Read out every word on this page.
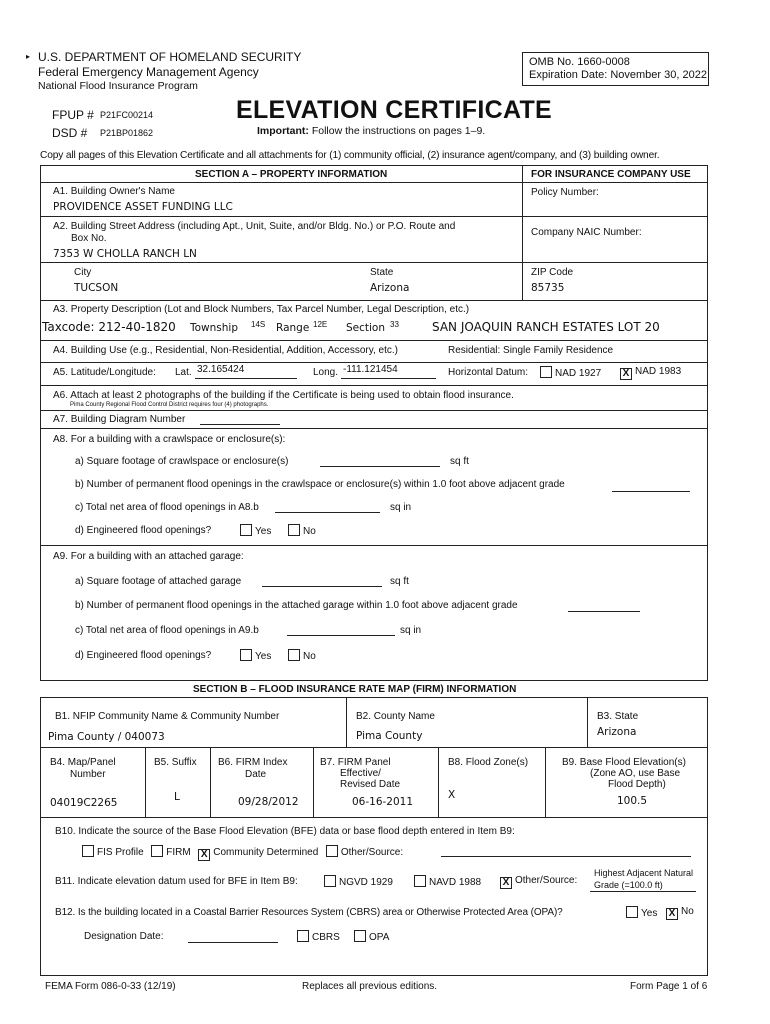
▸ U.S. DEPARTMENT OF HOMELAND SECURITY
Federal Emergency Management Agency
National Flood Insurance Program
OMB No. 1660-0008
Expiration Date: November 30, 2022
FPUP # P21FC00214
DSD # P21BP01862
ELEVATION CERTIFICATE
Important: Follow the instructions on pages 1–9.
Copy all pages of this Elevation Certificate and all attachments for (1) community official, (2) insurance agent/company, and (3) building owner.
SECTION A – PROPERTY INFORMATION	FOR INSURANCE COMPANY USE
A1. Building Owner's Name
PROVIDENCE ASSET FUNDING LLC
Policy Number:
A2. Building Street Address (including Apt., Unit, Suite, and/or Bldg. No.) or P.O. Route and
Box No.
7353 W CHOLLA RANCH LN
Company NAIC Number:
City
TUCSON
State
Arizona
ZIP Code
85735
A3. Property Description (Lot and Block Numbers, Tax Parcel Number, Legal Description, etc.)
Taxcode: 212-40-1820 Township 14S Range 12E Section 33	SAN JOAQUIN RANCH ESTATES LOT 20
A4. Building Use (e.g., Residential, Non-Residential, Addition, Accessory, etc.)	Residential: Single Family Residence
A5. Latitude/Longitude: Lat. 32.165424	Long. -111.121454	Horizontal Datum:	NAD 1927	X NAD 1983
A6. Attach at least 2 photographs of the building if the Certificate is being used to obtain flood insurance.
Pima County Regional Flood Control District requires four (4) photographs.
A7. Building Diagram Number
A8. For a building with a crawlspace or enclosure(s):
a) Square footage of crawlspace or enclosure(s)	sq ft
b) Number of permanent flood openings in the crawlspace or enclosure(s) within 1.0 foot above adjacent grade
c) Total net area of flood openings in A8.b	sq in
d) Engineered flood openings?	Yes	No
A9. For a building with an attached garage:
a) Square footage of attached garage	sq ft
b) Number of permanent flood openings in the attached garage within 1.0 foot above adjacent grade
c) Total net area of flood openings in A9.b	sq in
d) Engineered flood openings?	Yes	No
SECTION B – FLOOD INSURANCE RATE MAP (FIRM) INFORMATION
B1. NFIP Community Name & Community Number
Pima County / 040073
B2. County Name
Pima County
B3. State
Arizona
B4. Map/Panel
Number
04019C2265
B5. Suffix
L
B6. FIRM Index
Date
09/28/2012
B7. FIRM Panel
Effective/
Revised Date
06-16-2011
B8. Flood Zone(s)
X
B9. Base Flood Elevation(s)
(Zone AO, use Base
Flood Depth)
100.5
B10. Indicate the source of the Base Flood Elevation (BFE) data or base flood depth entered in Item B9:
FIS Profile FIRM X Community Determined Other/Source:
B11. Indicate elevation datum used for BFE in Item B9:	NGVD 1929	NAVD 1988	X Other/Source:
Highest Adjacent Natural
Grade (=100.0 ft)
B12. Is the building located in a Coastal Barrier Resources System (CBRS) area or Otherwise Protected Area (OPA)?	Yes	X No
Designation Date:	CBRS	OPA
FEMA Form 086-0-33 (12/19)	Replaces all previous editions.	Form Page 1 of 6
